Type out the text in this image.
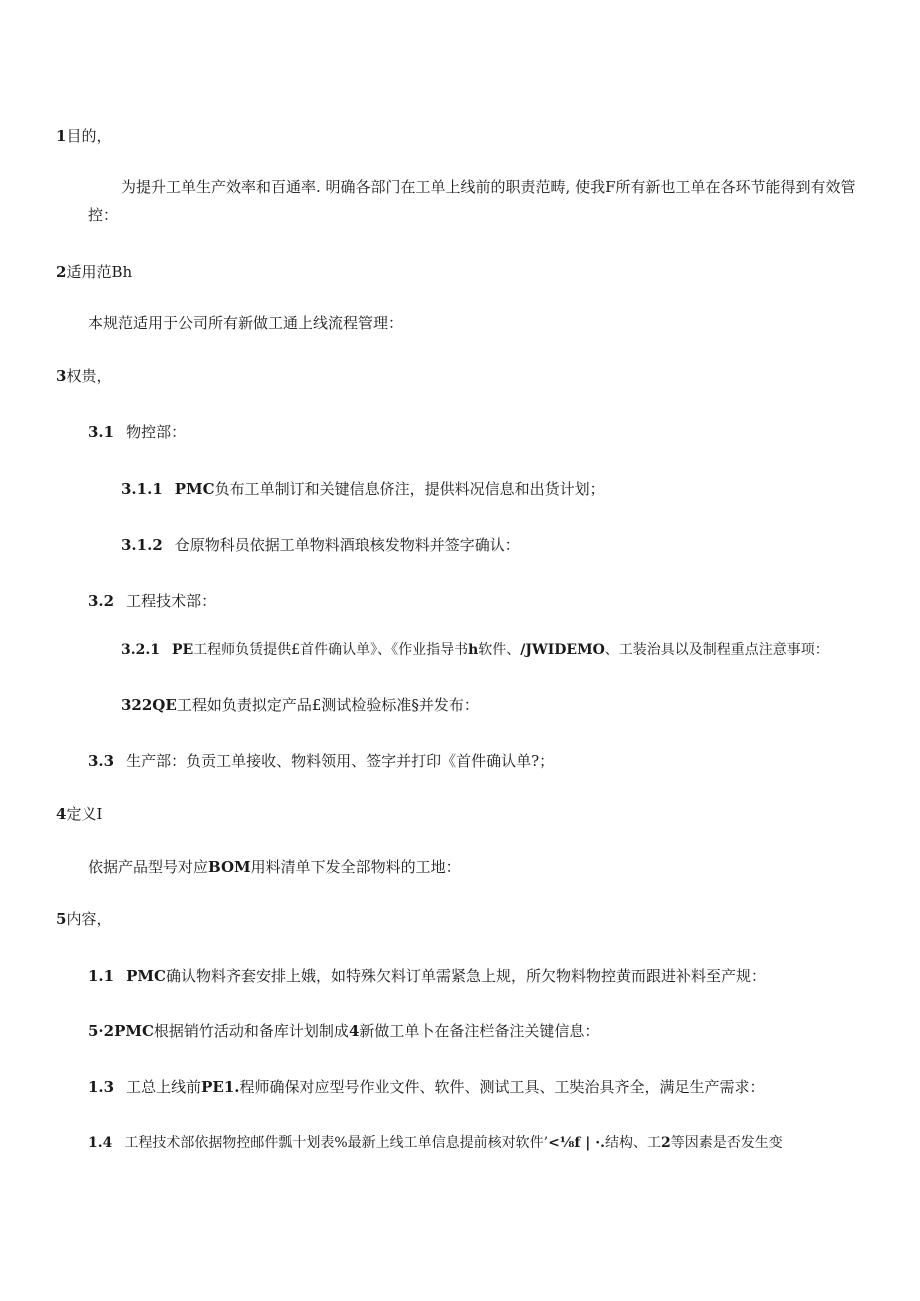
1目的，
为提升工单生产效率和百通率. 明确各部门在工单上线前的职责范畴, 使我F所有新也工单在各环节能得到有效管
控：
2适用范Bh
本规范适用于公司所有新做工通上线流程管理：
3权贵，
3.1 物控部：
3.1.1 PMC负布工单制订和关键信息侪注，提供料况信息和出货计划；
3.1.2 仓原物科员依据工单物料酒琅核发物料并签字确认：
3.2 工程技术部：
3.2.1 PE工程师负赁提供£首件确认单》、《作业指导书h软件、/JWIDEMO、工装治具以及制程重点注意事项：
322QE工程如负责拟定产品£测试检验标准§并发布：
3.3 生产部：负贡工单接收、物料领用、签字并打印《首件确认单?；
4定义I
依据产品型号对应BOM用料清单下发全部物料的工地：
5内容，
1.1 PMC确认物料齐套安排上娥，如特殊欠料订单需紧急上规，所欠物料物控黄而跟进补料至产规：
5·2PMC根据销竹活动和备库计划制成4新做工单卜在备注栏备注关键信息：
1.3 工总上线前PE1.程师确保对应型号作业文件、软件、测试工具、工奘治具齐全，满足生产需求：
1.4 工程技术部依据物控邮件瓢十划表%最新上线工单信息提前核对软件’<⅛f | ·.结构、工2等因素是否发生变
